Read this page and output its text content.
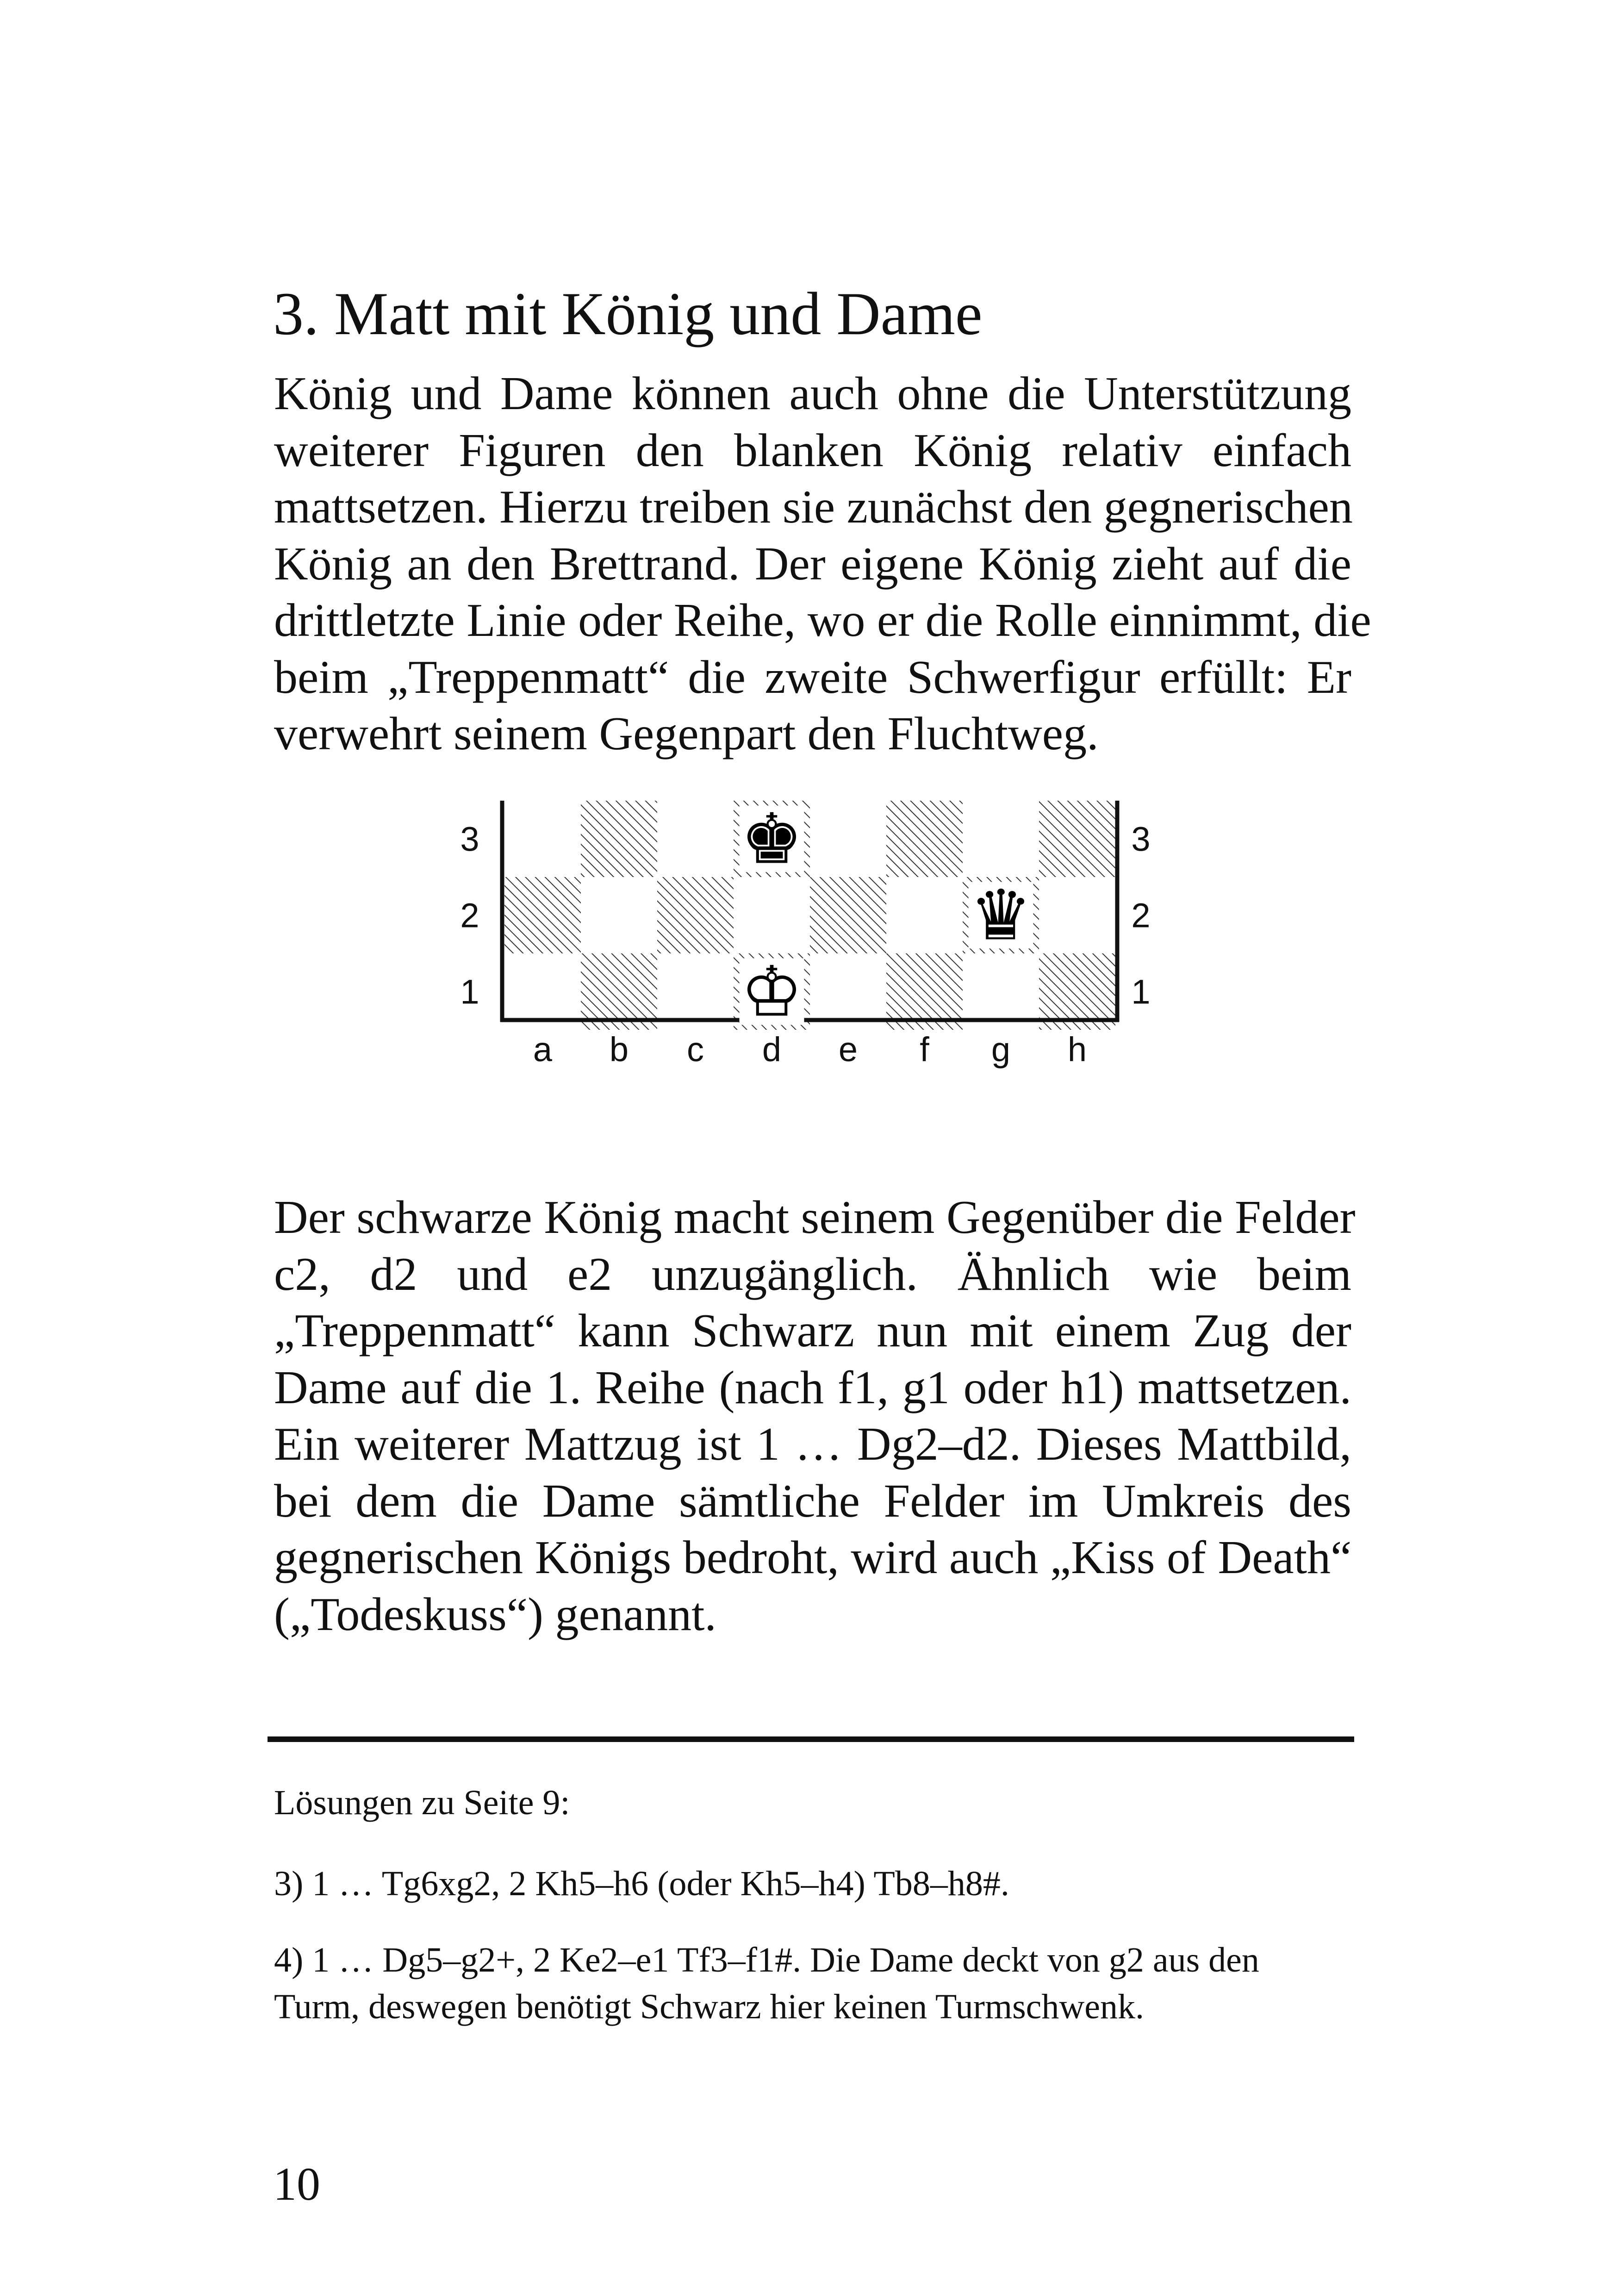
3. Matt mit König und Dame

König und Dame können auch ohne die Unterstützung
weiterer Figuren den blanken König relativ einfach
mattsetzen. Hierzu treiben sie zunächst den gegnerischen
König an den Brettrand. Der eigene König zieht auf die
drittletzte Linie oder Reihe, wo er die Rolle einnimmt, die
beim „Treppenmatt“ die zweite Schwerfigur erfüllt: Er
verwehrt seinem Gegenpart den Fluchtweg.

3	3
2	2
1	1
a b c d e f g h
♚
♛
♔

Der schwarze König macht seinem Gegenüber die Felder
c2, d2 und e2 unzugänglich. Ähnlich wie beim
„Treppenmatt“ kann Schwarz nun mit einem Zug der
Dame auf die 1. Reihe (nach f1, g1 oder h1) mattsetzen.
Ein weiterer Mattzug ist 1 … Dg2–d2. Dieses Mattbild,
bei dem die Dame sämtliche Felder im Umkreis des
gegnerischen Königs bedroht, wird auch „Kiss of Death“
(„Todeskuss“) genannt.

Lösungen zu Seite 9:

3) 1 … Tg6xg2, 2 Kh5–h6 (oder Kh5–h4) Tb8–h8#.

4) 1 … Dg5–g2+, 2 Ke2–e1 Tf3–f1#. Die Dame deckt von g2 aus den
Turm, deswegen benötigt Schwarz hier keinen Turmschwenk.

10
